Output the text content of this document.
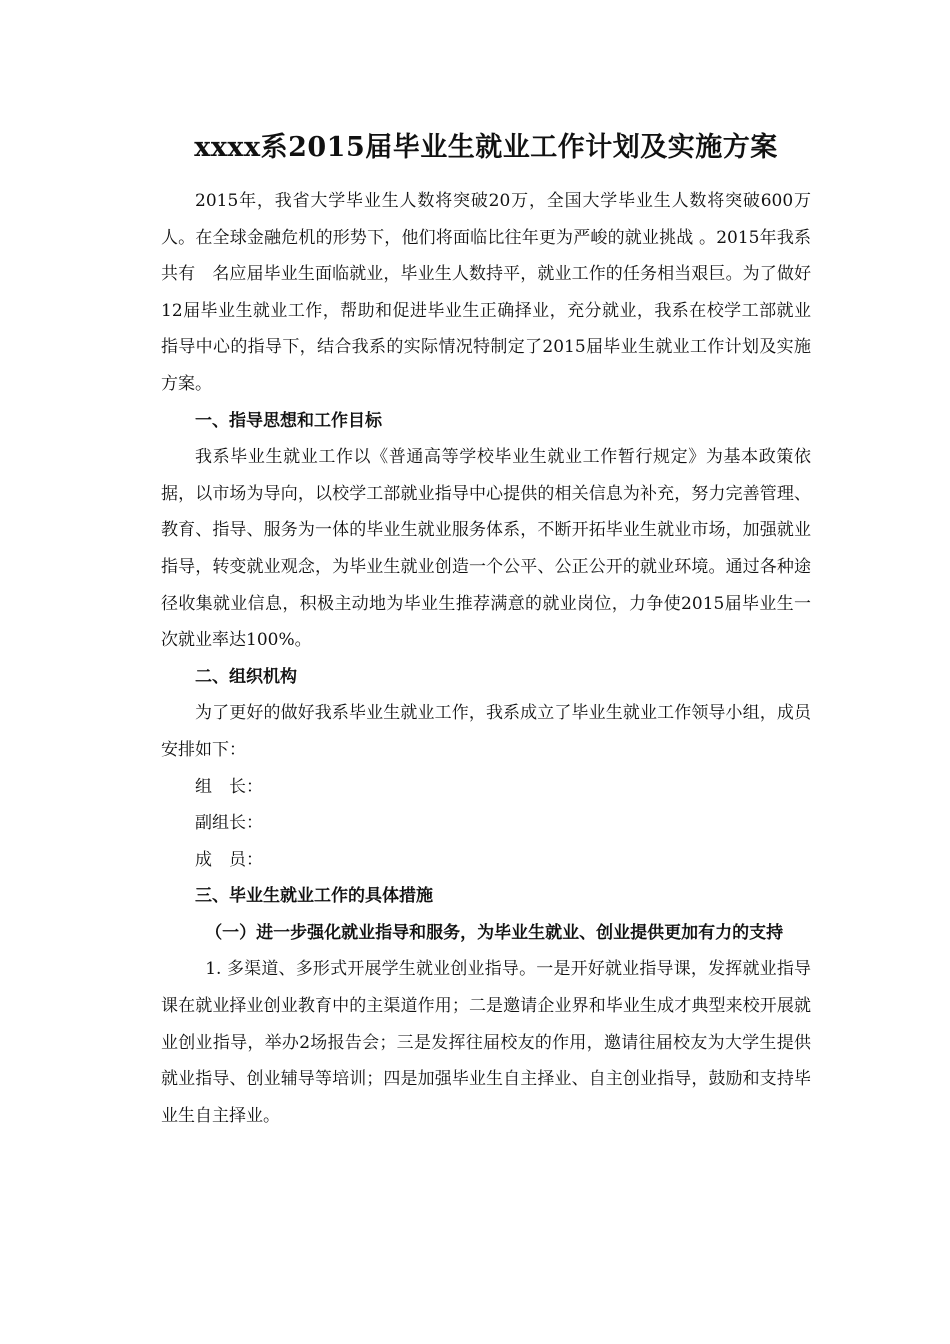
xxxx系2015届毕业生就业工作计划及实施方案

2015年，我省大学毕业生人数将突破20万，全国大学毕业生人数将突破600万人。在全球金融危机的形势下，他们将面临比往年更为严峻的就业挑战 。2015年我系共有　名应届毕业生面临就业，毕业生人数持平，就业工作的任务相当艰巨。为了做好12届毕业生就业工作，帮助和促进毕业生正确择业，充分就业，我系在校学工部就业指导中心的指导下，结合我系的实际情况特制定了2015届毕业生就业工作计划及实施方案。

一、指导思想和工作目标

我系毕业生就业工作以《普通高等学校毕业生就业工作暂行规定》为基本政策依据，以市场为导向，以校学工部就业指导中心提供的相关信息为补充，努力完善管理、教育、指导、服务为一体的毕业生就业服务体系，不断开拓毕业生就业市场，加强就业指导，转变就业观念，为毕业生就业创造一个公平、公正公开的就业环境。通过各种途径收集就业信息，积极主动地为毕业生推荐满意的就业岗位，力争使2015届毕业生一次就业率达100%。

二、组织机构

为了更好的做好我系毕业生就业工作，我系成立了毕业生就业工作领导小组，成员安排如下：

组　长：

副组长：

成　员：

三、毕业生就业工作的具体措施

（一）进一步强化就业指导和服务，为毕业生就业、创业提供更加有力的支持

1. 多渠道、多形式开展学生就业创业指导。一是开好就业指导课，发挥就业指导课在就业择业创业教育中的主渠道作用；二是邀请企业界和毕业生成才典型来校开展就业创业指导，举办2场报告会；三是发挥往届校友的作用，邀请往届校友为大学生提供就业指导、创业辅导等培训；四是加强毕业生自主择业、自主创业指导，鼓励和支持毕业生自主择业。
